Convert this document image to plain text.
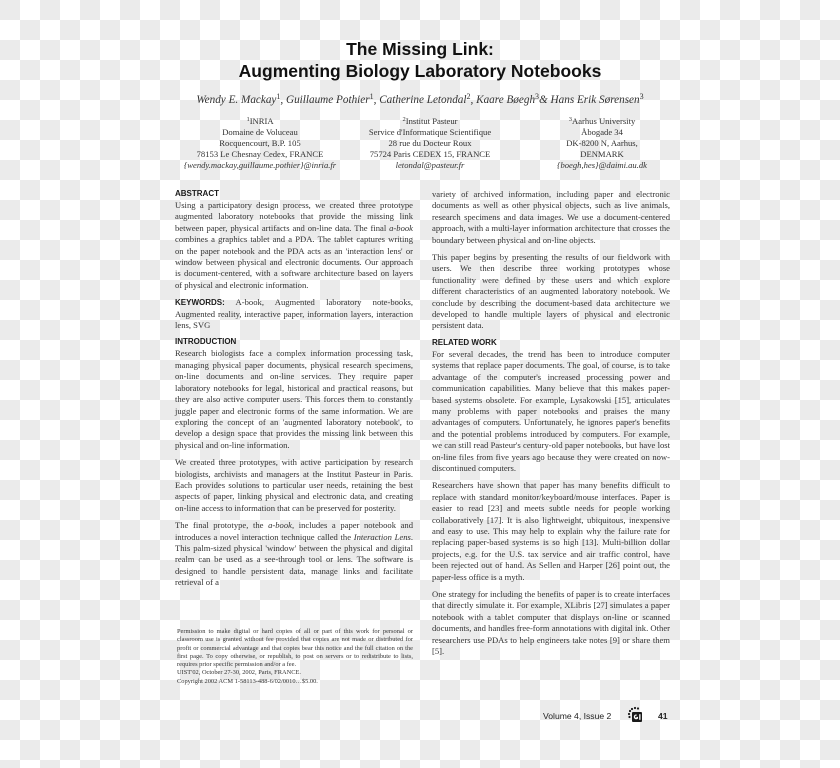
The Missing Link:
Augmenting Biology Laboratory Notebooks
Wendy E. Mackay$^1$, Guillaume Pothier$^1$, Catherine Letondal$^2$, Kaare Bøegh$^3$& Hans Erik Sørensen$^3$
$^1$INRIA
Domaine de Voluceau
Rocquencourt, B.P. 105
78153 Le Chesnay Cedex, FRANCE
{wendy.mackay,guillaume.pothier}@inria.fr
$^2$Institut Pasteur
Service d'Informatique Scientifique
28 rue du Docteur Roux
75724 Paris CEDEX 15, FRANCE
letondal@pasteur.fr
$^3$Aarhus University
Åbogade 34
DK-8200 N, Aarhus,
DENMARK
{boegh,hes}@daimi.au.dk
ABSTRACT

Using a participatory design process, we created three prototype augmented laboratory notebooks that provide the missing link between paper, physical artifacts and on-line data. The final a-book combines a graphics tablet and a PDA. The tablet captures writing on the paper notebook and the PDA acts as an 'interaction lens' or window between physical and electronic documents. Our approach is document-centered, with a software architecture based on layers of physical and electronic information.

KEYWORDS: A-book, Augmented laboratory note-books, Augmented reality, interactive paper, information layers, interaction lens, SVG

INTRODUCTION

Research biologists face a complex information processing task, managing physical paper documents, physical research specimens, on-line documents and on-line services. They require paper laboratory notebooks for legal, historical and practical reasons, but they are also active computer users. This forces them to constantly juggle paper and electronic forms of the same information. We are exploring the concept of an 'augmented laboratory notebook', to develop a design space that provides the missing link between this physical and on-line information.

We created three prototypes, with active participation by research biologists, archivists and managers at the Institut Pasteur in Paris. Each provides solutions to particular user needs, retaining the best aspects of paper, linking physical and electronic data, and creating on-line access to information that can be preserved for posterity.

The final prototype, the a-book, includes a paper notebook and introduces a novel interaction technique called the Interaction Lens. This palm-sized physical 'window' between the physical and digital realm can be used as a see-through tool or lens. The software is designed to handle persistent data, manage links and facilitate retrieval of a

Permission to make digital or hard copies of all or part of this work for personal or classroom use is granted without fee provided that copies are not made or distributed for profit or commercial advantage and that copies bear this notice and the full citation on the first page. To copy otherwise, or republish, to post on servers or to redistribute to lists, requires prior specific permission and/or a fee.
UIST'02, October 27-30, 2002, Paris, FRANCE.
Copyright 2002 ACM 1-58113-488-6/02/0010…$5.00.

variety of archived information, including paper and electronic documents as well as other physical objects, such as live animals, research specimens and data images. We use a document-centered approach, with a multi-layer information architecture that crosses the boundary between physical and on-line objects.

This paper begins by presenting the results of our fieldwork with users. We then describe three working prototypes whose functionality were defined by these users and which explore different characteristics of an augmented laboratory notebook. We conclude by describing the document-based data architecture we developed to handle multiple layers of physical and electronic persistent data.

RELATED WORK

For several decades, the trend has been to introduce computer systems that replace paper documents. The goal, of course, is to take advantage of the computer's increased processing power and communication capabilities. Many believe that this makes paper-based systems obsolete. For example, Lysakowski [15], articulates many problems with paper notebooks and praises the many advantages of computers. Unfortunately, he ignores paper's benefits and the potential problems introduced by computers. For example, we can still read Pasteur's century-old paper notebooks, but have lost on-line files from five years ago because they were created on now-discontinued computers.

Researchers have shown that paper has many benefits difficult to replace with standard monitor/keyboard/mouse interfaces. Paper is easier to read [23] and meets subtle needs for people working collaboratively [17]. It is also lightweight, ubiquitous, inexpensive and easy to use. This may help to explain why the failure rate for replacing paper-based systems is so high [13]. Multi-billion dollar projects, e.g. for the U.S. tax service and air traffic control, have been rejected out of hand. As Sellen and Harper [26] point out, the paper-less office is a myth.

One strategy for including the benefits of paper is to create interfaces that directly simulate it. For example, XLibris [27] simulates a paper notebook with a tablet computer that displays on-line or scanned documents, and handles free-form annotations with digital ink. Other researchers use PDAs to help engineers take notes [9] or share them [5].

Volume 4, Issue 2	41
